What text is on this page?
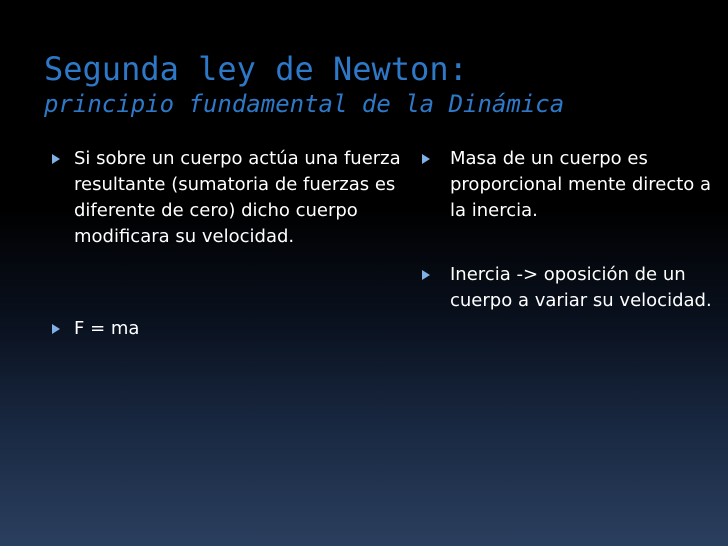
Segunda ley de Newton:
principio fundamental de la Dinámica
Si sobre un cuerpo actúa una fuerza resultante (sumatoria de fuerzas es diferente de cero) dicho cuerpo modificara su velocidad.
F = ma
Masa de un cuerpo es proporcional mente directo a la inercia.
Inercia -> oposición de un cuerpo a variar su velocidad.
